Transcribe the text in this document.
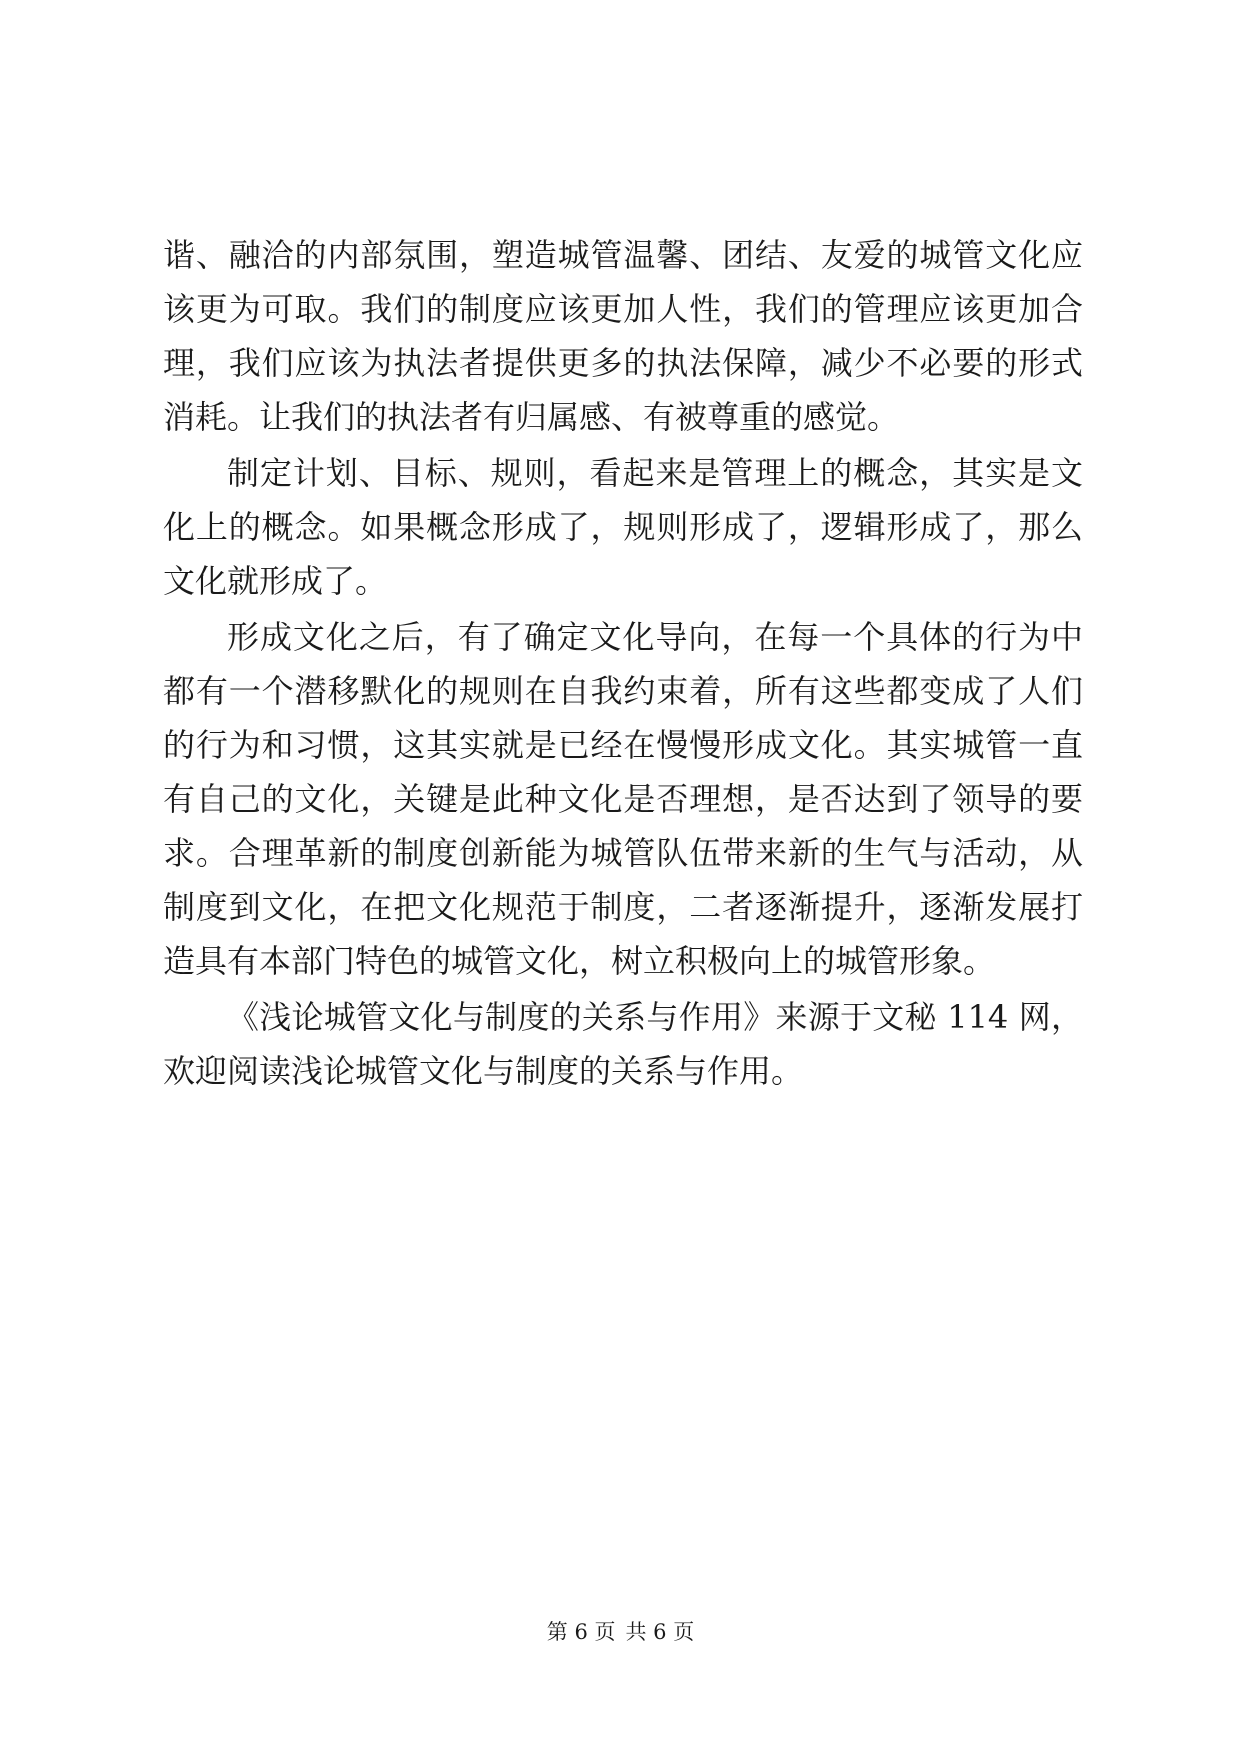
谐、融洽的内部氛围，塑造城管温馨、团结、友爱的城管文化应
该更为可取。我们的制度应该更加人性，我们的管理应该更加合
理，我们应该为执法者提供更多的执法保障，减少不必要的形式
消耗。让我们的执法者有归属感、有被尊重的感觉。
制定计划、目标、规则，看起来是管理上的概念，其实是文
化上的概念。如果概念形成了，规则形成了，逻辑形成了，那么
文化就形成了。
形成文化之后，有了确定文化导向，在每一个具体的行为中
都有一个潜移默化的规则在自我约束着，所有这些都变成了人们
的行为和习惯，这其实就是已经在慢慢形成文化。其实城管一直
有自己的文化，关键是此种文化是否理想，是否达到了领导的要
求。合理革新的制度创新能为城管队伍带来新的生气与活动，从
制度到文化，在把文化规范于制度，二者逐渐提升，逐渐发展打
造具有本部门特色的城管文化，树立积极向上的城管形象。
《浅论城管文化与制度的关系与作用》来源于文秘 114 网，
欢迎阅读浅论城管文化与制度的关系与作用。
第 6 页 共 6 页
